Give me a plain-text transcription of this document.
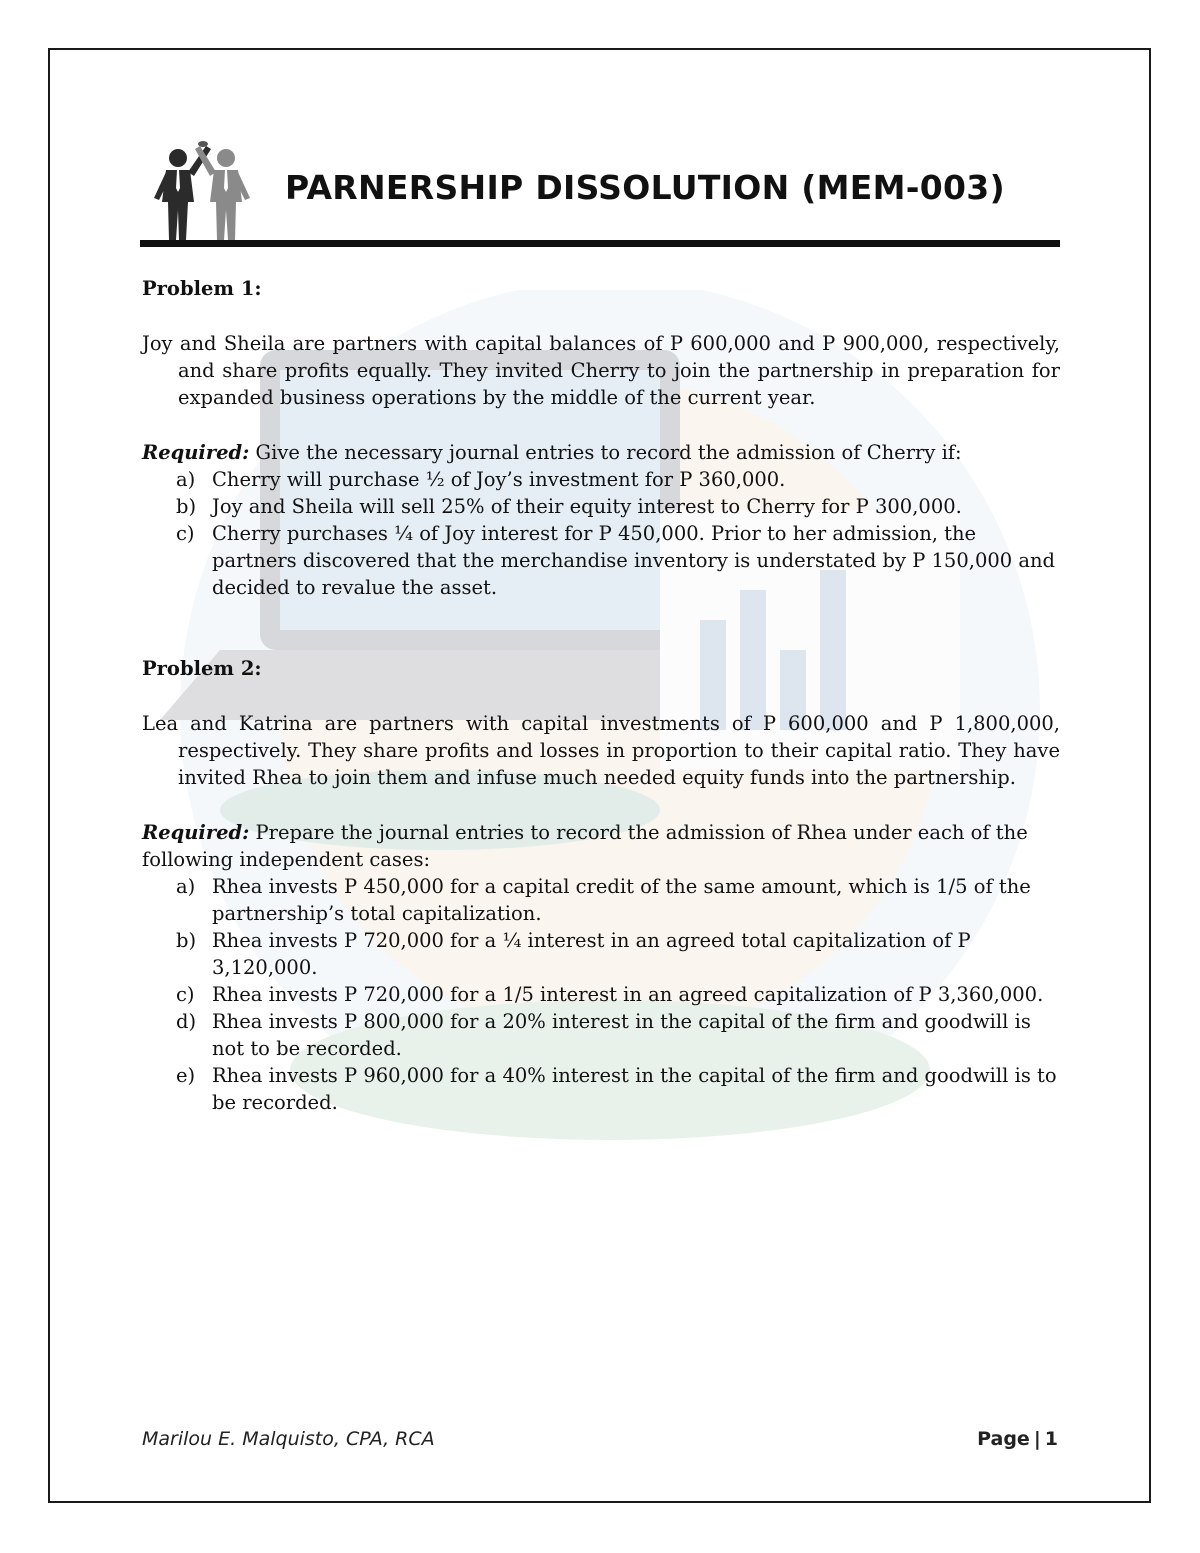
PARNERSHIP DISSOLUTION (MEM-003)

Problem 1:

Joy and Sheila are partners with capital balances of P 600,000 and P 900,000, respectively, and share profits equally. They invited Cherry to join the partnership in preparation for expanded business operations by the middle of the current year.

Required: Give the necessary journal entries to record the admission of Cherry if:

a) Cherry will purchase ½ of Joy’s investment for P 360,000.
b) Joy and Sheila will sell 25% of their equity interest to Cherry for P 300,000.
c) Cherry purchases ¼ of Joy interest for P 450,000. Prior to her admission, the partners discovered that the merchandise inventory is understated by P 150,000 and decided to revalue the asset.

Problem 2:

Lea and Katrina are partners with capital investments of P 600,000 and P 1,800,000, respectively. They share profits and losses in proportion to their capital ratio. They have invited Rhea to join them and infuse much needed equity funds into the partnership.

Required: Prepare the journal entries to record the admission of Rhea under each of the following independent cases:

a) Rhea invests P 450,000 for a capital credit of the same amount, which is 1/5 of the partnership’s total capitalization.
b) Rhea invests P 720,000 for a ¼ interest in an agreed total capitalization of P 3,120,000.
c) Rhea invests P 720,000 for a 1/5 interest in an agreed capitalization of P 3,360,000.
d) Rhea invests P 800,000 for a 20% interest in the capital of the firm and goodwill is not to be recorded.
e) Rhea invests P 960,000 for a 40% interest in the capital of the firm and goodwill is to be recorded.
Marilou E. Malquisto, CPA, RCA	Page | 1
